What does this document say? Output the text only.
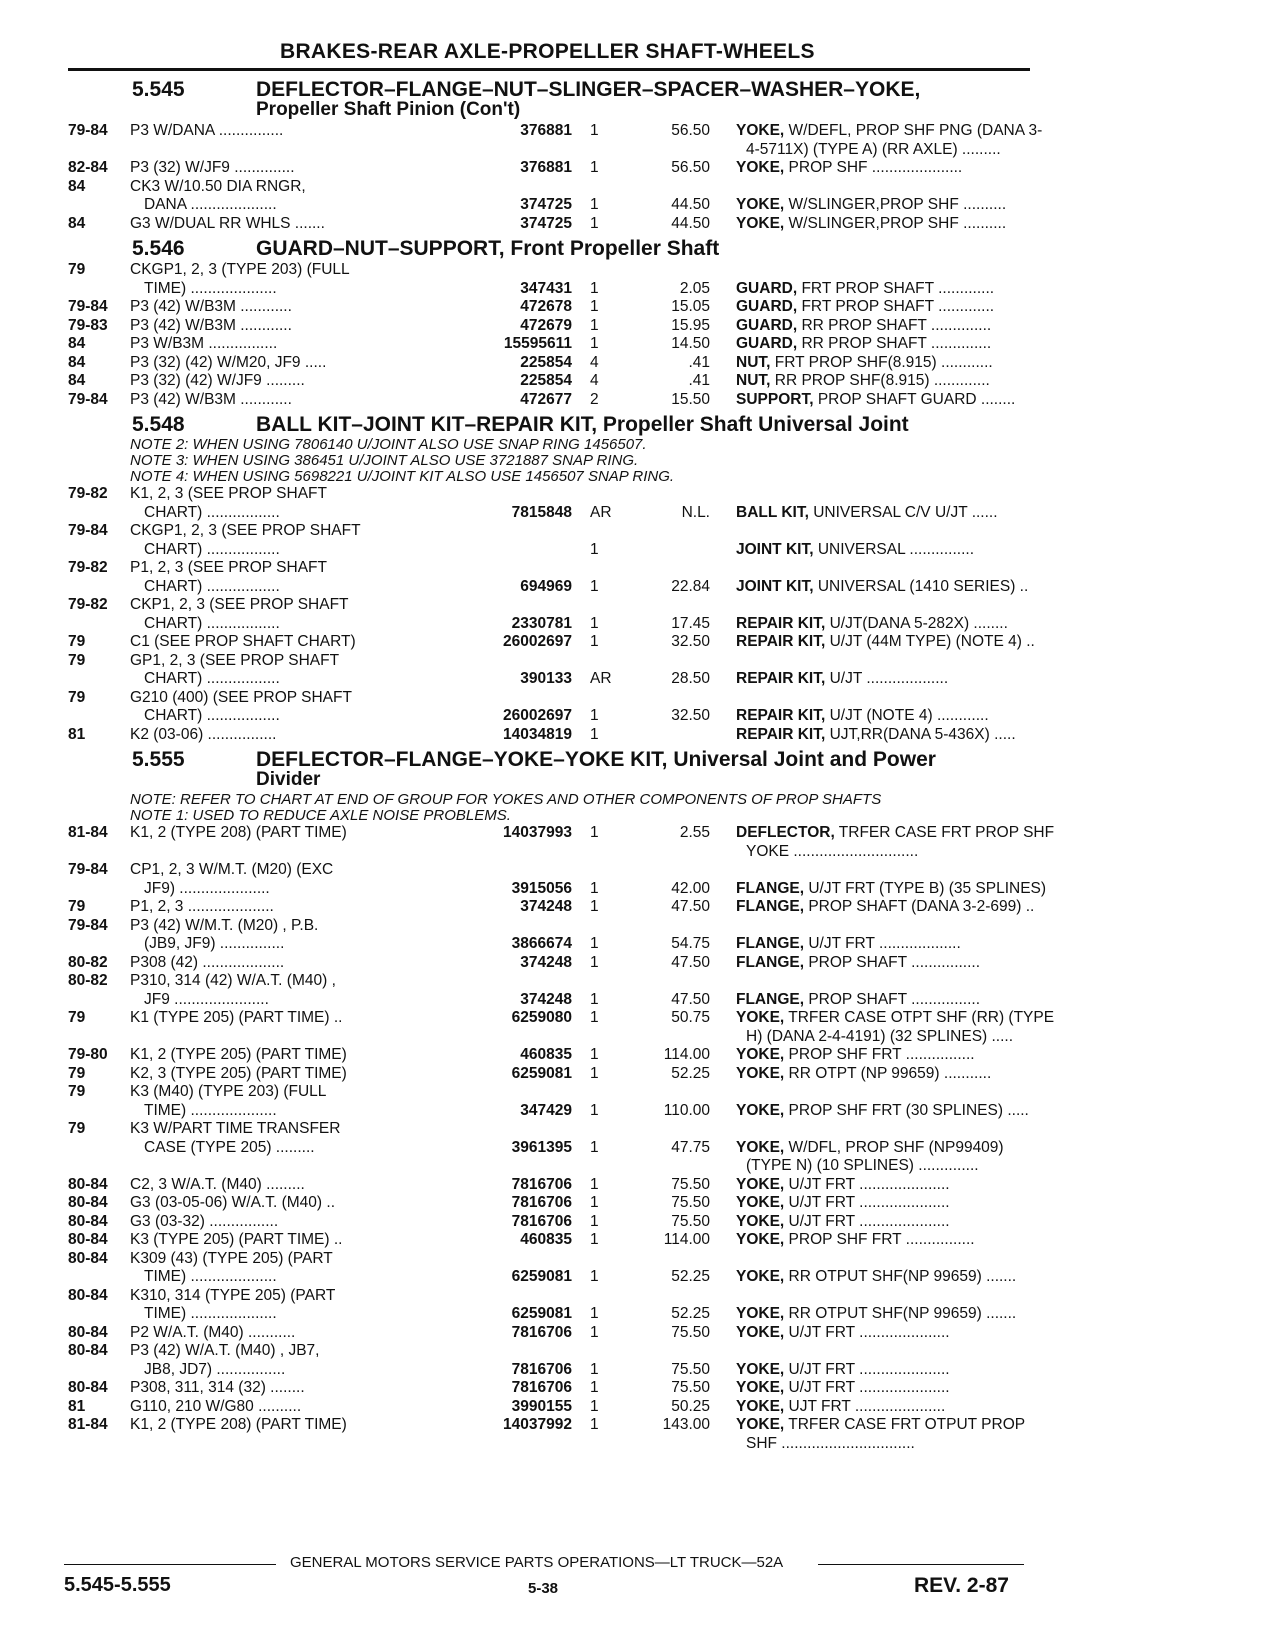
BRAKES-REAR AXLE-PROPELLER SHAFT-WHEELS
5.545	DEFLECTOR–FLANGE–NUT–SLINGER–SPACER–WASHER–YOKE,
Propeller Shaft Pinion (Con't)
79-84	P3 W/DANA ...............	376881 1	56.50 YOKE, W/DEFL, PROP SHF PNG (DANA 3-
4-5711X) (TYPE A) (RR AXLE) .........
82-84	P3 (32) W/JF9 ..............	376881 1	56.50 YOKE, PROP SHF .....................
84	CK3 W/10.50 DIA RNGR,
DANA ....................	374725 1	44.50 YOKE, W/SLINGER,PROP SHF ..........
84	G3 W/DUAL RR WHLS .......	374725 1	44.50 YOKE, W/SLINGER,PROP SHF ..........
5.546	GUARD–NUT–SUPPORT, Front Propeller Shaft
79	CKGP1, 2, 3 (TYPE 203) (FULL
TIME) ....................	347431 1	2.05 GUARD, FRT PROP SHAFT .............
79-84	P3 (42) W/B3M ............	472678 1	15.05 GUARD, FRT PROP SHAFT .............
79-83	P3 (42) W/B3M ............	472679 1	15.95 GUARD, RR PROP SHAFT ..............
84	P3 W/B3M ................	15595611 1	14.50 GUARD, RR PROP SHAFT ..............
84	P3 (32) (42) W/M20, JF9 .....	225854 4	.41 NUT, FRT PROP SHF(8.915) ............
84	P3 (32) (42) W/JF9 .........	225854 4	.41 NUT, RR PROP SHF(8.915) .............
79-84	P3 (42) W/B3M ............	472677 2	15.50 SUPPORT, PROP SHAFT GUARD ........
5.548	BALL KIT–JOINT KIT–REPAIR KIT, Propeller Shaft Universal Joint
NOTE 2: WHEN USING 7806140 U/JOINT ALSO USE SNAP RING 1456507.
NOTE 3: WHEN USING 386451 U/JOINT ALSO USE 3721887 SNAP RING.
NOTE 4: WHEN USING 5698221 U/JOINT KIT ALSO USE 1456507 SNAP RING.
79-82	K1, 2, 3 (SEE PROP SHAFT
CHART) .................	7815848 AR	N.L. BALL KIT, UNIVERSAL C/V U/JT ......
79-84	CKGP1, 2, 3 (SEE PROP SHAFT
CHART) .................	1	JOINT KIT, UNIVERSAL ...............
79-82	P1, 2, 3 (SEE PROP SHAFT
CHART) .................	694969 1	22.84 JOINT KIT, UNIVERSAL (1410 SERIES) ..
79-82	CKP1, 2, 3 (SEE PROP SHAFT
CHART) .................	2330781 1	17.45 REPAIR KIT, U/JT(DANA 5-282X) ........
79	C1 (SEE PROP SHAFT CHART)	26002697 1	32.50 REPAIR KIT, U/JT (44M TYPE) (NOTE 4) ..
79	GP1, 2, 3 (SEE PROP SHAFT
CHART) .................	390133 AR	28.50 REPAIR KIT, U/JT ...................
79	G210 (400) (SEE PROP SHAFT
CHART) .................	26002697 1	32.50 REPAIR KIT, U/JT (NOTE 4) ............
81	K2 (03-06) ................	14034819 1	REPAIR KIT, UJT,RR(DANA 5-436X) .....
5.555	DEFLECTOR–FLANGE–YOKE–YOKE KIT, Universal Joint and Power
Divider
NOTE: REFER TO CHART AT END OF GROUP FOR YOKES AND OTHER COMPONENTS OF PROP SHAFTS
NOTE 1: USED TO REDUCE AXLE NOISE PROBLEMS.
81-84	K1, 2 (TYPE 208) (PART TIME)	14037993 1	2.55 DEFLECTOR, TRFER CASE FRT PROP SHF
YOKE .............................
79-84	CP1, 2, 3 W/M.T. (M20) (EXC
JF9) .....................	3915056 1	42.00 FLANGE, U/JT FRT (TYPE B) (35 SPLINES)
79	P1, 2, 3 ....................	374248 1	47.50 FLANGE, PROP SHAFT (DANA 3-2-699) ..
79-84	P3 (42) W/M.T. (M20) , P.B.
(JB9, JF9) ...............	3866674 1	54.75 FLANGE, U/JT FRT ...................
80-82	P308 (42) ...................	374248 1	47.50 FLANGE, PROP SHAFT ................
80-82	P310, 314 (42) W/A.T. (M40) ,
JF9 ......................	374248 1	47.50 FLANGE, PROP SHAFT ................
79	K1 (TYPE 205) (PART TIME) ..	6259080 1	50.75 YOKE, TRFER CASE OTPT SHF (RR) (TYPE
H) (DANA 2-4-4191) (32 SPLINES) .....
79-80	K1, 2 (TYPE 205) (PART TIME)	460835 1	114.00 YOKE, PROP SHF FRT ................
79	K2, 3 (TYPE 205) (PART TIME)	6259081 1	52.25 YOKE, RR OTPT (NP 99659) ...........
79	K3 (M40) (TYPE 203) (FULL
TIME) ....................	347429 1	110.00 YOKE, PROP SHF FRT (30 SPLINES) .....
79	K3 W/PART TIME TRANSFER
CASE (TYPE 205) .........	3961395 1	47.75 YOKE, W/DFL, PROP SHF (NP99409)
(TYPE N) (10 SPLINES) ..............
80-84	C2, 3 W/A.T. (M40) .........	7816706 1	75.50 YOKE, U/JT FRT .....................
80-84	G3 (03-05-06) W/A.T. (M40) ..	7816706 1	75.50 YOKE, U/JT FRT .....................
80-84	G3 (03-32) ................	7816706 1	75.50 YOKE, U/JT FRT .....................
80-84	K3 (TYPE 205) (PART TIME) ..	460835 1	114.00 YOKE, PROP SHF FRT ................
80-84	K309 (43) (TYPE 205) (PART
TIME) ....................	6259081 1	52.25 YOKE, RR OTPUT SHF(NP 99659) .......
80-84	K310, 314 (TYPE 205) (PART
TIME) ....................	6259081 1	52.25 YOKE, RR OTPUT SHF(NP 99659) .......
80-84	P2 W/A.T. (M40) ...........	7816706 1	75.50 YOKE, U/JT FRT .....................
80-84	P3 (42) W/A.T. (M40) , JB7,
JB8, JD7) ................	7816706 1	75.50 YOKE, U/JT FRT .....................
80-84	P308, 311, 314 (32) ........	7816706 1	75.50 YOKE, U/JT FRT .....................
81	G110, 210 W/G80 ..........	3990155 1	50.25 YOKE, UJT FRT .....................
81-84	K1, 2 (TYPE 208) (PART TIME)	14037992 1	143.00 YOKE, TRFER CASE FRT OTPUT PROP
SHF ...............................
GENERAL MOTORS SERVICE PARTS OPERATIONS—LT TRUCK—52A
5.545-5.555	5-38	REV. 2-87
